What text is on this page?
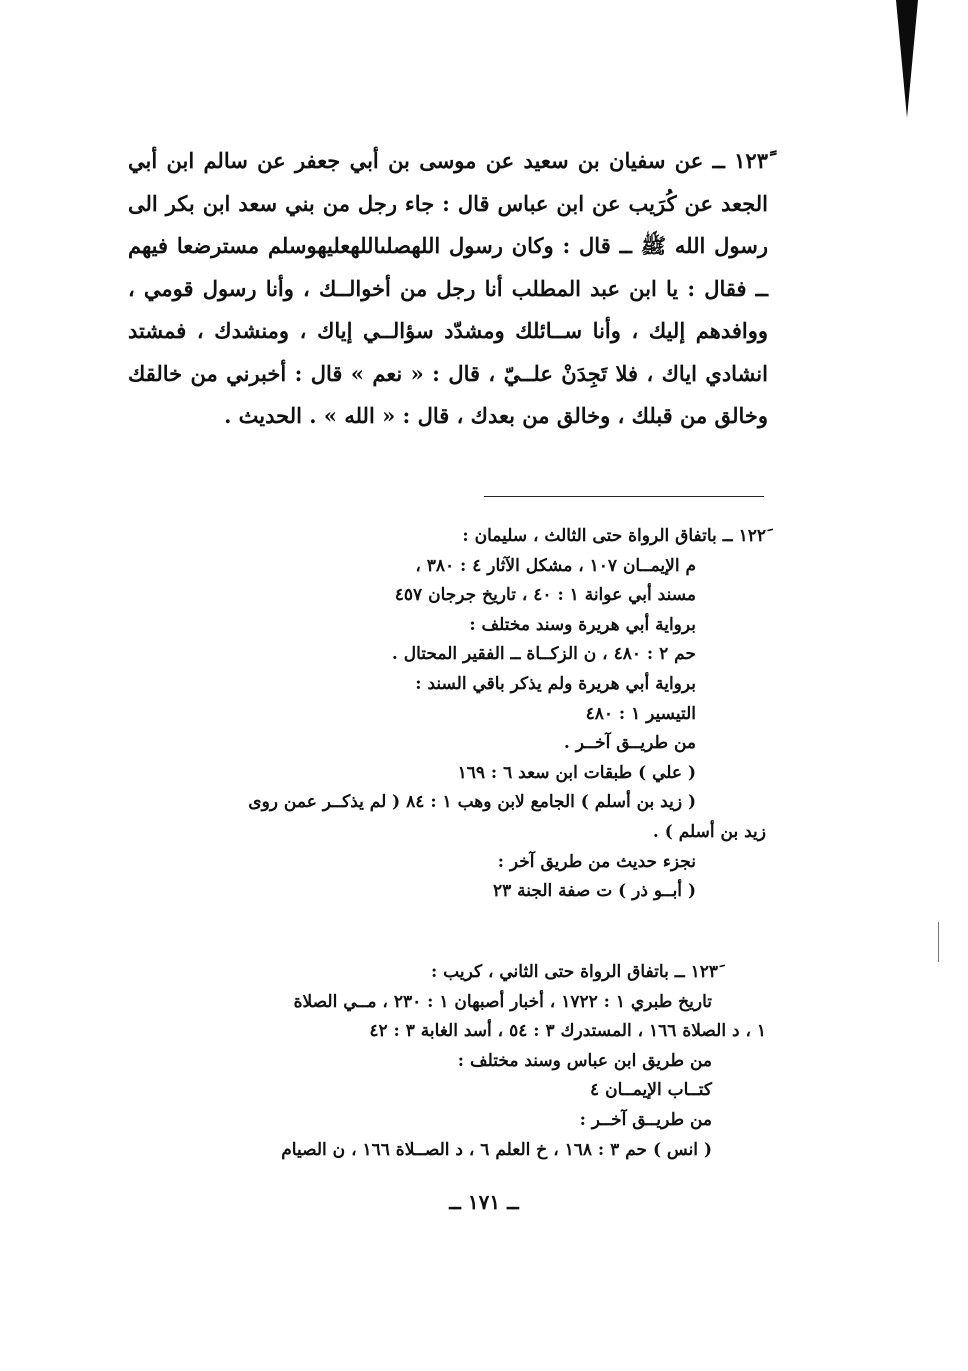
١٢٣ً ــ عن سفيان بن سعيد عن موسى بن أبي جعفر عن سالم ابن أبي الجعد عن كُرَيب عن ابن عباس قال : جاء رجل من بني سعد ابن بكر الى رسول الله ﷺ ــ قال : وكان رسول اللهصلىاللهعليهوسلم مسترضعا فيهم ــ فقال : يا ابن عبد المطلب أنا رجل من أخوالــك ، وأنا رسول قومي ، ووافدهم إليك ، وأنا ســائلك ومشدّد سؤالــي إياك ، ومنشدك ، فمشتد انشادي اياك ، فلا تَجِدَنْ علــيّ ، قال : « نعم » قال : أخبرني من خالقك وخالق من قبلك ، وخالق من بعدك ، قال : « الله » . الحديث .

١٢٢َ ــ باتفاق الرواة حتى الثالث ، سليمان :
م الإيمــان ١٠٧ ، مشكل الآثار ٤ : ٣٨٠ ،
مسند أبي عوانة ١ : ٤٠ ، تاريخ جرجان ٤٥٧
برواية أبي هريرة وسند مختلف :
حم ٢ : ٤٨٠ ، ن الزكــاة ــ الفقير المحتال .
برواية أبي هريرة ولم يذكر باقي السند :
التيسير ١ : ٤٨٠
من طريــق آخــر .
( علي ) طبقات ابن سعد ٦ : ١٦٩
( زيد بن أسلم ) الجامع لابن وهب ١ : ٨٤ ( لم يذكــر عمن روى
زيد بن أسلم ) .
نجزء حديث من طريق آخر :
( أبــو ذر ) ت صفة الجنة ٢٣
١٢٣َ ــ باتفاق الرواة حتى الثاني ، كريب :
تاريخ طبري ١ : ١٧٢٢ ، أخبار أصبهان ١ : ٢٣٠ ، مــي الصلاة
١ ، د الصلاة ١٦٦ ، المستدرك ٣ : ٥٤ ، أسد الغابة ٣ : ٤٢
من طريق ابن عباس وسند مختلف :
كتــاب الإيمــان ٤
من طريــق آخــر :
( انس ) حم ٣ : ١٦٨ ، خ العلم ٦ ، د الصــلاة ١٦٦ ، ن الصيام
ــ ١٧١ ــ
